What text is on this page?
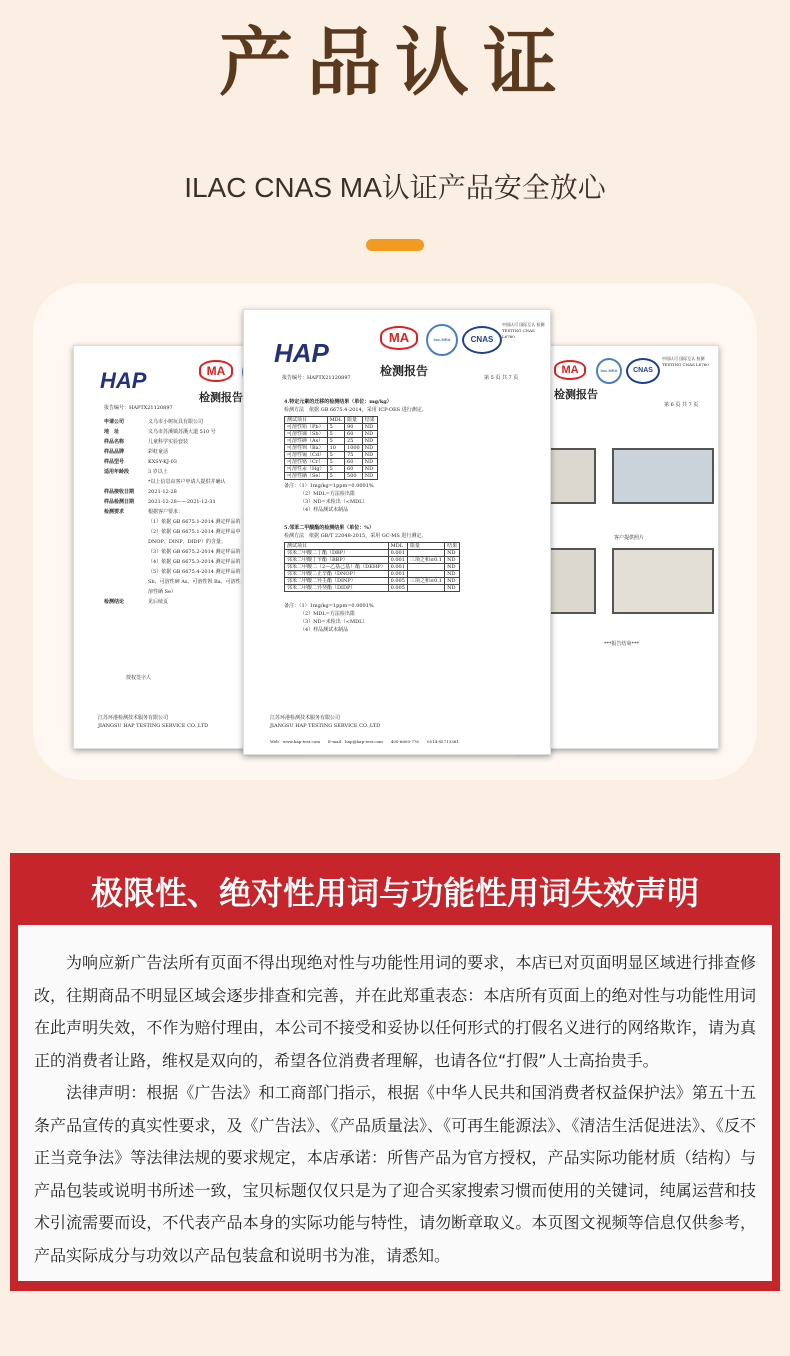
产品认证
ILAC CNAS MA认证产品安全放心
HAP	MA
检测报告
报告编号：HAPTX21120897
授权签字人
江苏环港检测技术服务有限公司
JIANGSU HAP TESTING SERVICE CO.,LTD
申请公司	义乌市小树玩具有限公司
地　址	义乌市苏溪镇苏溪大道 510 号
样品名称	儿童科学实验套装
样品品牌	彩虹童话
样品型号	KXSY-KJ-03
适用年龄段	3 岁以上
*以上信息由客户申请人提供并确认
样品接收日期	2021-12-28
样品检测日期	2021-12-28——2021-12-31
检测要求	根据客户要求：
（1）依据 GB 6675.1-2014 测定样品的
（2）依据 GB 6675.1-2014 测定样品中
DNOP、DINP、DIDP）的含量；
（3）依据 GB 6675.2-2014 测定样品的
（4）依据 GB 6675.3-2014 测定样品的
（5）依据 GB 6675.4-2014 测定样品的
Sb、可溶性砷 As、可溶性钡 Ba、可溶性
溶性硒 Se）
检测结论	见后续页
MA	ilac-MRA	CNAS
中国认可 国际互认 检测 TESTING CNAS L6760
检测报告
第 6 页 共 7 页
客户提供照片
***报告结束***
HAP
MA	ilac-MRA	CNAS
中国认可 国际互认 检测 TESTING CNAS L6760
检测报告
报告编号：HAPTX21120897	第 5 页 共 7 页
4.特定元素的迁移的检测结果（单位：mg/kg）
检测方法　依据 GB 6675.4-2014，采用 ICP-OES 进行测定。
测试项目	MDL	限量	结果
可溶性铅（Pb）	5	90	ND
可溶性锑（Sb）	5	60	ND
可溶性砷（As）	5	25	ND
可溶性钡（Ba）	10	1000	ND
可溶性镉（Cd）	5	75	ND
可溶性铬（Cr）	5	60	ND
可溶性汞（Hg）	5	60	ND
可溶性硒（Se）	5	500	ND
5.邻苯二甲酸酯的检测结果（单位：%）
检测方法　依据 GB/T 22048-2015，采用 GC-MS 进行测定。
测试项目	MDL	限量	结果
邻苯二甲酸二丁酯（DBP）	0.001		ND
邻苯二甲酸丁苄酯（BBP）	0.001	三项之和≤0.1	ND
邻苯二甲酸二（2—乙基己基）酯（DEHP）	0.001		ND
邻苯二甲酸二正辛酯（DNOP）	0.001		ND
邻苯二甲酸二异壬酯（DINP）	0.005	三项之和≤0.1	ND
邻苯二甲酸二异癸酯（DIDP）	0.005		ND
江苏环港检测技术服务有限公司
JIANGSU HAP TESTING SERVICE CO.,LTD
Web：www.hap-test.com　　E-mail：hap@hap-test.com　　400-6600-776　　0514-85713361
备注：（1）1mg/kg=1ppm=0.0001%
（2）MDL=方法检出限
（3）ND=未检出（<MDL）
（4）样品测试未制品
备注：（1）1mg/kg=1ppm=0.0001%
（2）MDL=方法检出限
（3）ND=未检出（<MDL）
（4）样品测试未制品
极限性、绝对性用词与功能性用词失效声明
为响应新广告法所有页面不得出现绝对性与功能性用词的要求，本店已对页面明显区域进行排查修改，往期商品不明显区域会逐步排查和完善，并在此郑重表态：本店所有页面上的绝对性与功能性用词在此声明失效，不作为赔付理由，本公司不接受和妥协以任何形式的打假名义进行的网络欺诈，请为真正的消费者让路，维权是双向的，希望各位消费者理解，也请各位“打假”人士高抬贵手。
法律声明：根据《广告法》和工商部门指示，根据《中华人民共和国消费者权益保护法》第五十五条产品宣传的真实性要求，及《广告法》、《产品质量法》、《可再生能源法》、《清洁生活促进法》、《反不正当竞争法》等法律法规的要求规定，本店承诺：所售产品为官方授权，产品实际功能材质（结构）与产品包装或说明书所述一致，宝贝标题仅仅只是为了迎合买家搜索习惯而使用的关键词，纯属运营和技术引流需要而设，不代表产品本身的实际功能与特性，请勿断章取义。本页图文视频等信息仅供参考，产品实际成分与功效以产品包装盒和说明书为准，请悉知。
